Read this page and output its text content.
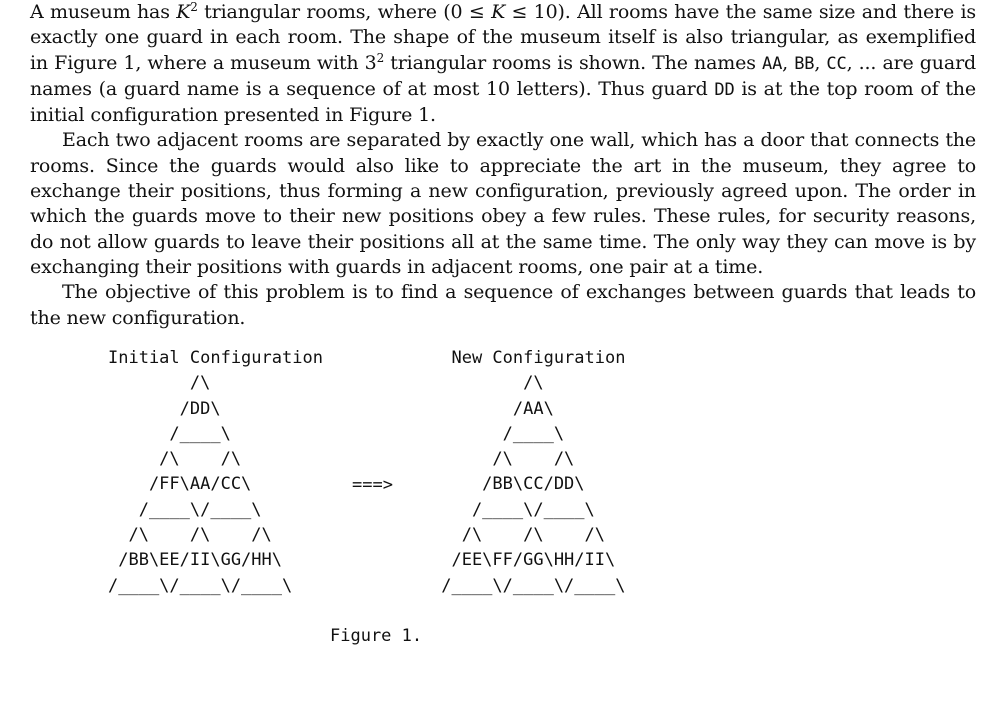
A museum has $K^2$ triangular rooms, where (0 ≤ K ≤ 10). All rooms have the same size and there is exactly one guard in each room. The shape of the museum itself is also triangular, as exemplified in Figure 1, where a museum with $3^2$ triangular rooms is shown. The names AA, BB, CC, ... are guard names (a guard name is a sequence of at most 10 letters). Thus guard DD is at the top room of the initial configuration presented in Figure 1.

Each two adjacent rooms are separated by exactly one wall, which has a door that connects the rooms. Since the guards would also like to appreciate the art in the museum, they agree to exchange their positions, thus forming a new configuration, previously agreed upon. The order in which the guards move to their new positions obey a few rules. These rules, for security reasons, do not allow guards to leave their positions all at the same time. The only way they can move is by exchanging their positions with guards in adjacent rooms, one pair at a time.

The objective of this problem is to find a sequence of exchanges between guards that leads to the new configuration.

Initial Configuration
/\
/DD\
/____\
/\    /\
/FF\AA/CC\
/____\/____\
/\    /\    /\
/BB\EE/II\GG/HH\
/____\/____\/____\
===>
New Configuration
/\
/AA\
/____\
/\    /\
/BB\CC/DD\
/____\/____\
/\    /\    /\
/EE\FF/GG\HH/II\
/____\/____\/____\
Figure 1.
